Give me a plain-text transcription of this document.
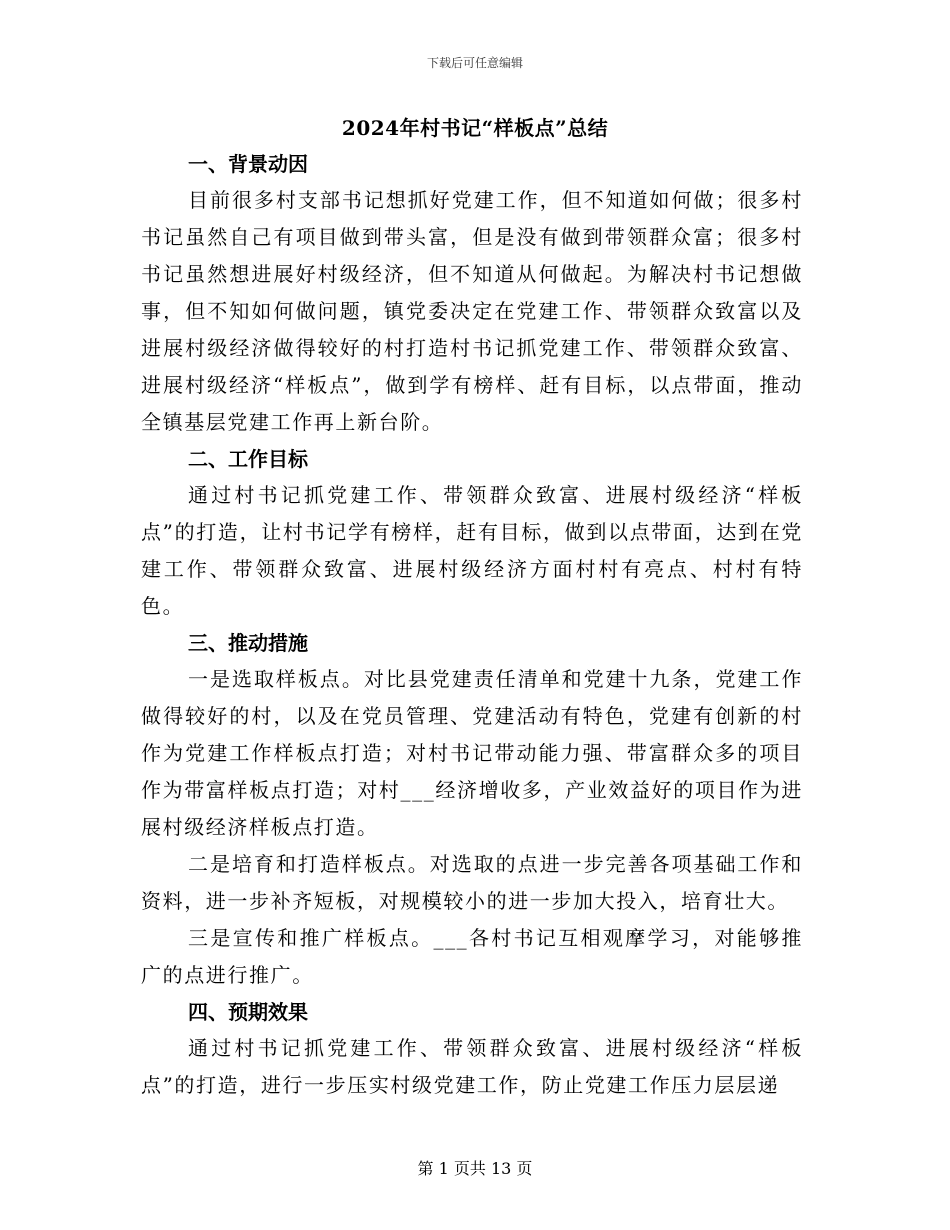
下载后可任意编辑
2024年村书记“样板点”总结

一、背景动因

目前很多村支部书记想抓好党建工作，但不知道如何做；很多村书记虽然自己有项目做到带头富，但是没有做到带领群众富；很多村书记虽然想进展好村级经济，但不知道从何做起。为解决村书记想做事，但不知如何做问题，镇党委决定在党建工作、带领群众致富以及进展村级经济做得较好的村打造村书记抓党建工作、带领群众致富、进展村级经济“样板点”，做到学有榜样、赶有目标，以点带面，推动全镇基层党建工作再上新台阶。

二、工作目标

通过村书记抓党建工作、带领群众致富、进展村级经济“样板点”的打造，让村书记学有榜样，赶有目标，做到以点带面，达到在党建工作、带领群众致富、进展村级经济方面村村有亮点、村村有特色。

三、推动措施

一是选取样板点。对比县党建责任清单和党建十九条，党建工作做得较好的村，以及在党员管理、党建活动有特色，党建有创新的村作为党建工作样板点打造；对村书记带动能力强、带富群众多的项目作为带富样板点打造；对村___经济增收多，产业效益好的项目作为进展村级经济样板点打造。

二是培育和打造样板点。对选取的点进一步完善各项基础工作和资料，进一步补齐短板，对规模较小的进一步加大投入，培育壮大。

三是宣传和推广样板点。___各村书记互相观摩学习，对能够推广的点进行推广。

四、预期效果

通过村书记抓党建工作、带领群众致富、进展村级经济“样板点”的打造，进行一步压实村级党建工作，防止党建工作压力层层递

第 1 页共 13 页
